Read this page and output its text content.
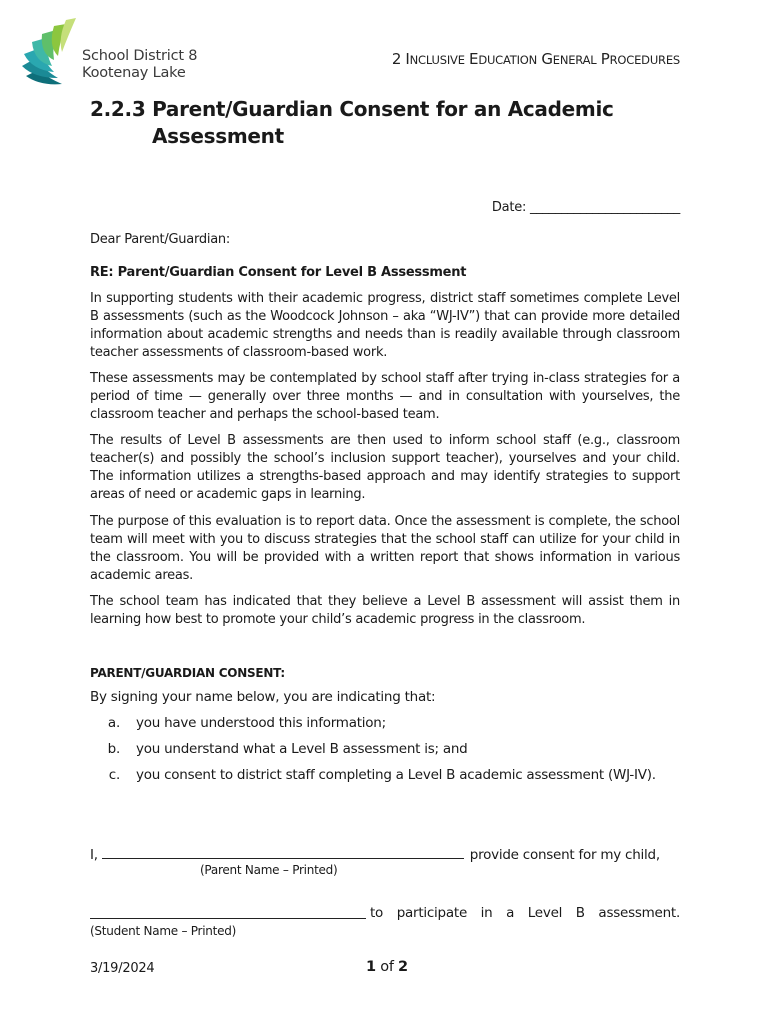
School District 8
Kootenay Lake
2 INCLUSIVE EDUCATION GENERAL PROCEDURES
2.2.3 Parent/Guardian Consent for an Academic
Assessment
Date: ________________________
Dear Parent/Guardian:
RE: Parent/Guardian Consent for Level B Assessment
In supporting students with their academic progress, district staff sometimes complete Level B assessments (such as the Woodcock Johnson – aka “WJ-IV”) that can provide more detailed information about academic strengths and needs than is readily available through classroom teacher assessments of classroom-based work.
These assessments may be contemplated by school staff after trying in-class strategies for a period of time — generally over three months — and in consultation with yourselves, the classroom teacher and perhaps the school-based team.
The results of Level B assessments are then used to inform school staff (e.g., classroom teacher(s) and possibly the school’s inclusion support teacher), yourselves and your child. The information utilizes a strengths-based approach and may identify strategies to support areas of need or academic gaps in learning.
The purpose of this evaluation is to report data. Once the assessment is complete, the school team will meet with you to discuss strategies that the school staff can utilize for your child in the classroom. You will be provided with a written report that shows information in various academic areas.
The school team has indicated that they believe a Level B assessment will assist them in learning how best to promote your child’s academic progress in the classroom.
PARENT/GUARDIAN CONSENT:
By signing your name below, you are indicating that:
a. you have understood this information;
b. you understand what a Level B assessment is; and
c. you consent to district staff completing a Level B academic assessment (WJ-IV).
I,	provide consent for my child,
(Parent Name – Printed)
to participate in a Level B assessment.
(Student Name – Printed)
3/19/2024	1 of 2
